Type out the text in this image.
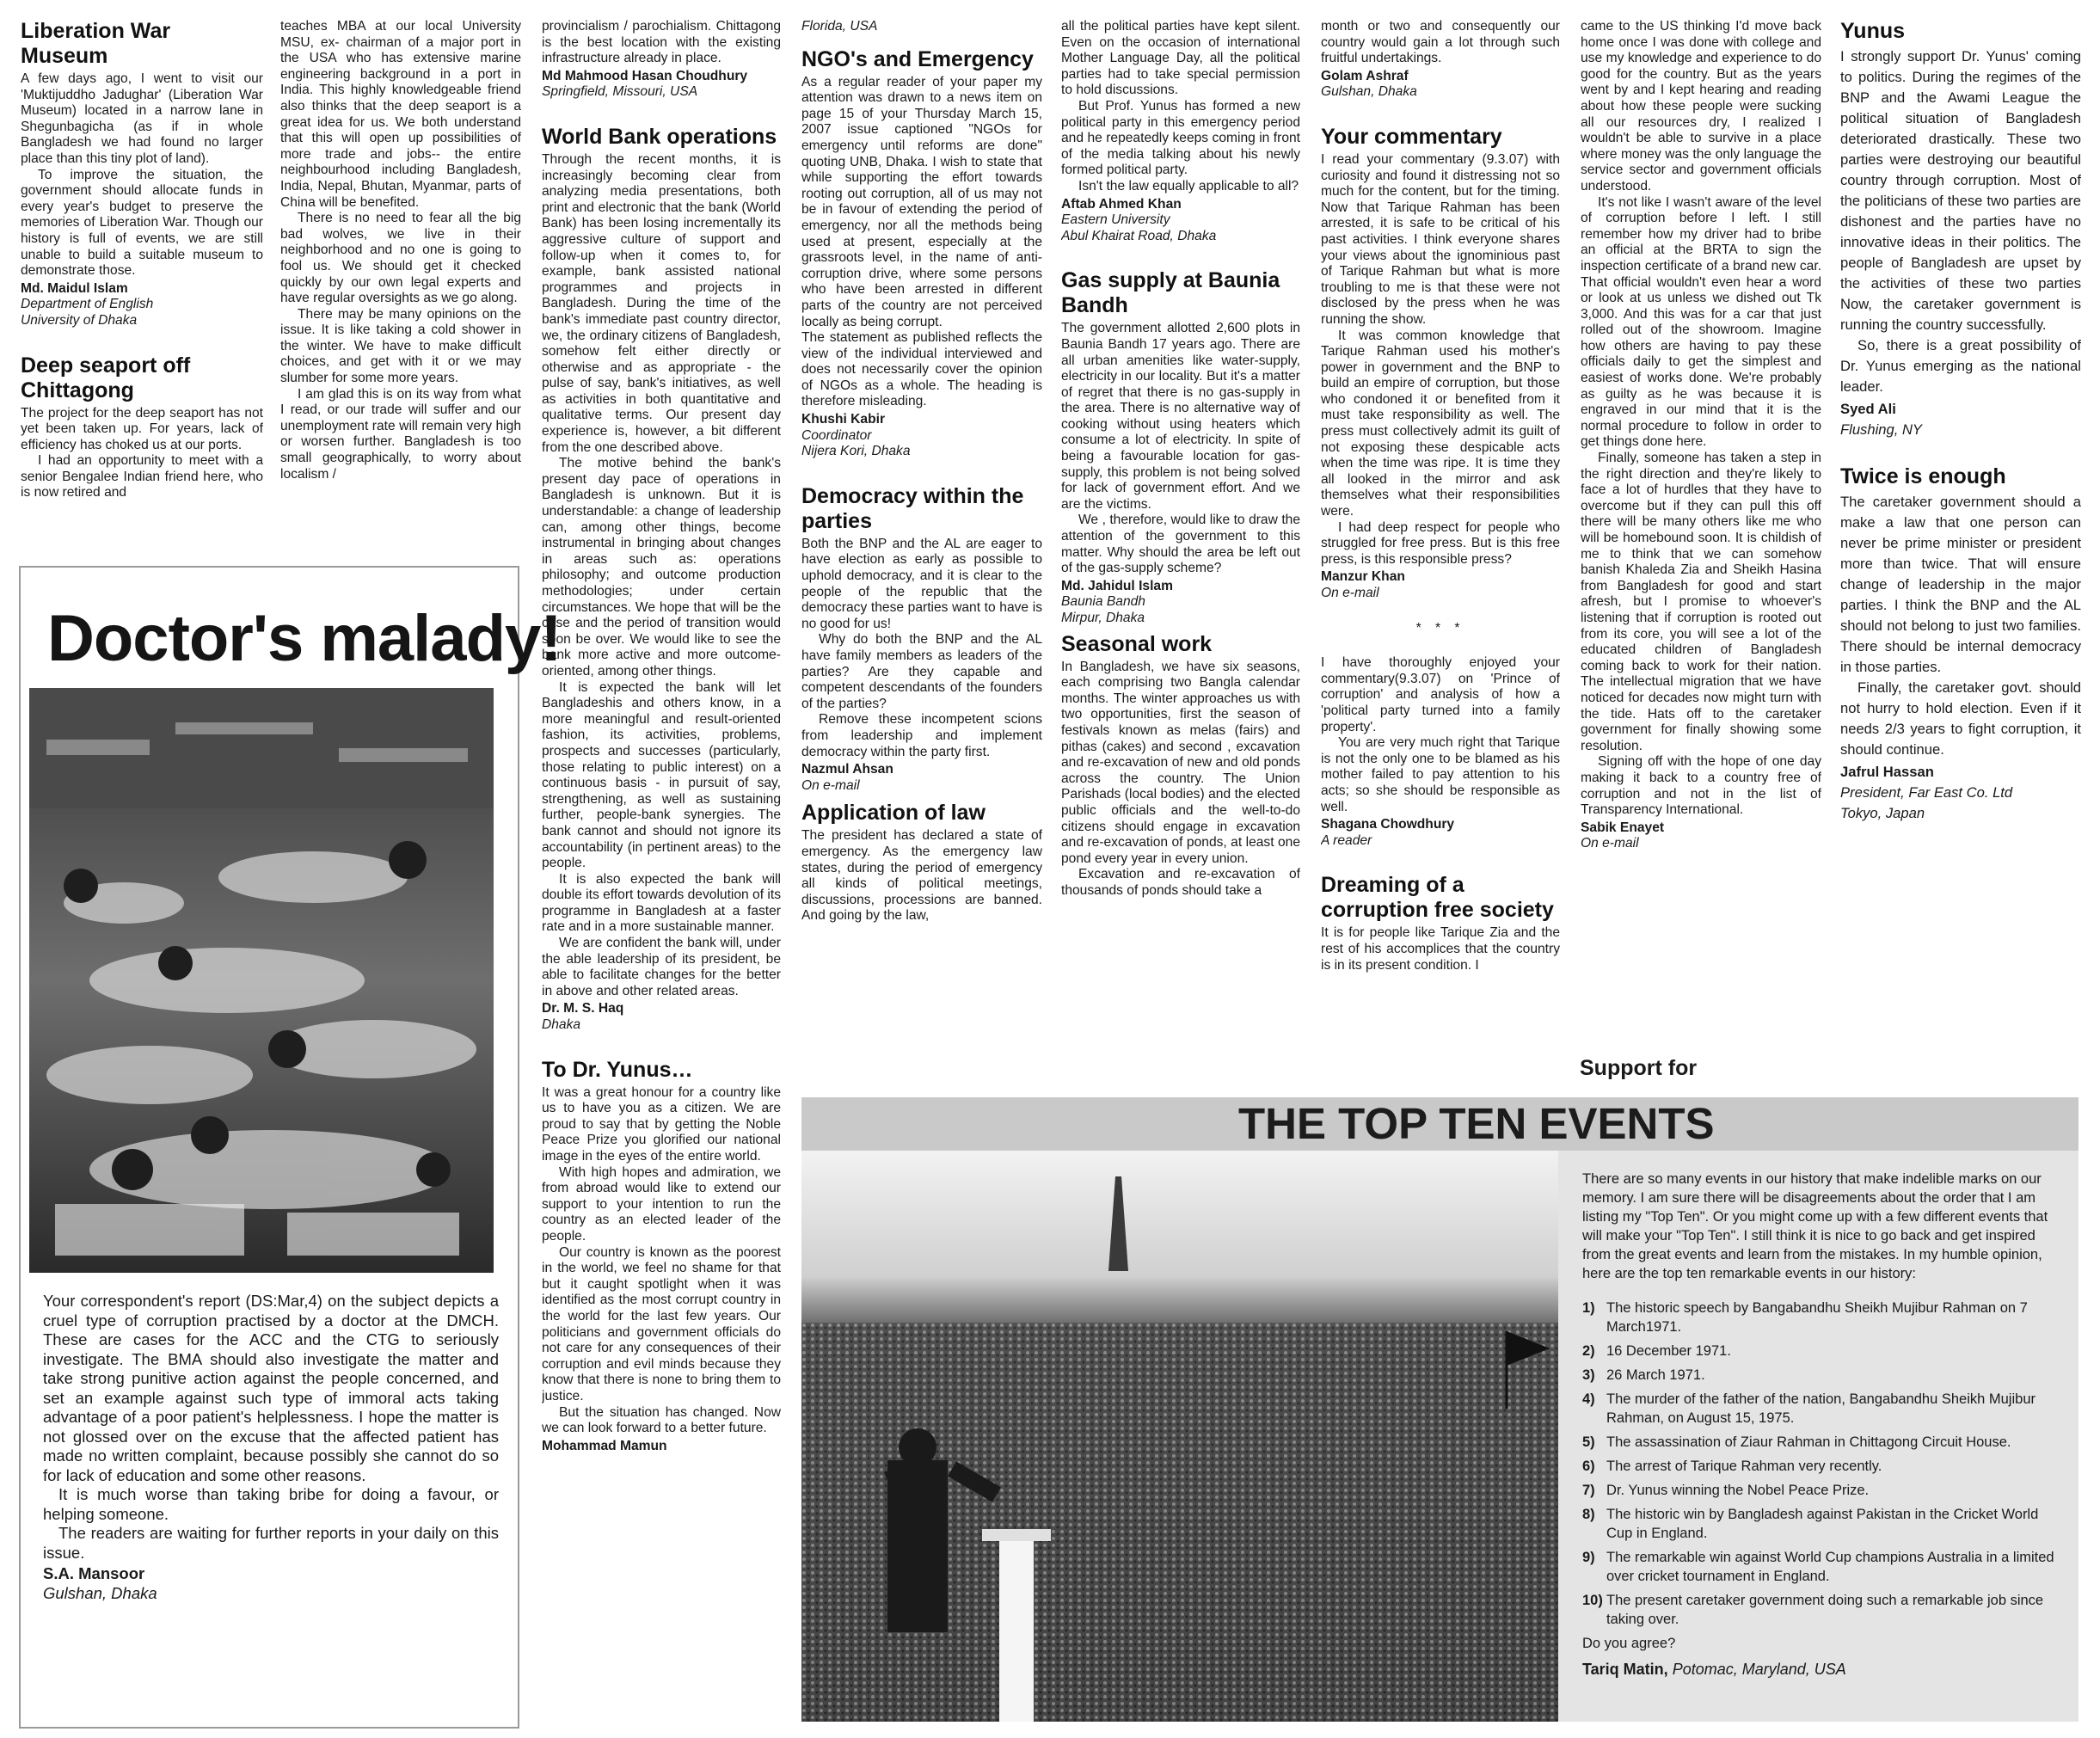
Liberation War Museum

A few days ago, I went to visit our 'Muktijuddho Jadughar' (Liberation War Museum) located in a narrow lane in Shegunbagicha (as if in whole Bangladesh we had found no larger place than this tiny plot of land).

To improve the situation, the government should allocate funds in every year's budget to preserve the memories of Liberation War. Though our history is full of events, we are still unable to build a suitable museum to demonstrate those.

Md. Maidul Islam

Department of English

University of Dhaka

Deep seaport off Chittagong

The project for the deep seaport has not yet been taken up. For years, lack of efficiency has choked us at our ports.

I had an opportunity to meet with a senior Bengalee Indian friend here, who is now retired and

teaches MBA at our local University MSU, ex- chairman of a major port in the USA who has extensive marine engineering background in a port in India. This highly knowledgeable friend also thinks that the deep seaport is a great idea for us. We both understand that this will open up possibilities of more trade and jobs-- the entire neighbourhood including Bangladesh, India, Nepal, Bhutan, Myanmar, parts of China will be benefited.

There is no need to fear all the big bad wolves, we live in their neighborhood and no one is going to fool us. We should get it checked quickly by our own legal experts and have regular oversights as we go along.

There may be many opinions on the issue. It is like taking a cold shower in the winter. We have to make difficult choices, and get with it or we may slumber for some more years.

I am glad this is on its way from what I read, or our trade will suffer and our unemployment rate will remain very high or worsen further. Bangladesh is too small geographically, to worry about localism /

provincialism / parochialism. Chittagong is the best location with the existing infrastructure already in place.

Md Mahmood Hasan Choudhury

Springfield, Missouri, USA

World Bank operations

Through the recent months, it is increasingly becoming clear from analyzing media presentations, both print and electronic that the bank (World Bank) has been losing incrementally its aggressive culture of support and follow-up when it comes to, for example, bank assisted national programmes and projects in Bangladesh. During the time of the bank's immediate past country director, we, the ordinary citizens of Bangladesh, somehow felt either directly or otherwise and as appropriate - the pulse of say, bank's initiatives, as well as activities in both quantitative and qualitative terms. Our present day experience is, however, a bit different from the one described above.

The motive behind the bank's present day pace of operations in Bangladesh is unknown. But it is understandable: a change of leadership can, among other things, become instrumental in bringing about changes in areas such as: operations philosophy; and outcome production methodologies; under certain circumstances. We hope that will be the case and the period of transition would soon be over. We would like to see the bank more active and more outcome-oriented, among other things.

It is expected the bank will let Bangladeshis and others know, in a more meaningful and result-oriented fashion, its activities, problems, prospects and successes (particularly, those relating to public interest) on a continuous basis - in pursuit of say, strengthening, as well as sustaining further, people-bank synergies. The bank cannot and should not ignore its accountability (in pertinent areas) to the people.

It is also expected the bank will double its effort towards devolution of its programme in Bangladesh at a faster rate and in a more sustainable manner.

We are confident the bank will, under the able leadership of its president, be able to facilitate changes for the better in above and other related areas.

Dr. M. S. Haq

Dhaka

To Dr. Yunus…

It was a great honour for a country like us to have you as a citizen. We are proud to say that by getting the Noble Peace Prize you glorified our national image in the eyes of the entire world.

With high hopes and admiration, we from abroad would like to extend our support to your intention to run the country as an elected leader of the people.

Our country is known as the poorest in the world, we feel no shame for that but it caught spotlight when it was identified as the most corrupt country in the world for the last few years. Our politicians and government officials do not care for any consequences of their corruption and evil minds because they know that there is none to bring them to justice.

But the situation has changed. Now we can look forward to a better future.

Mohammad Mamun

Florida, USA

NGO's and Emergency

As a regular reader of your paper my attention was drawn to a news item on page 15 of your Thursday March 15, 2007 issue captioned "NGOs for emergency until reforms are done" quoting UNB, Dhaka. I wish to state that while supporting the effort towards rooting out corruption, all of us may not be in favour of extending the period of emergency, nor all the methods being used at present, especially at the grassroots level, in the name of anti-corruption drive, where some persons who have been arrested in different parts of the country are not perceived locally as being corrupt.

The statement as published reflects the view of the individual interviewed and does not necessarily cover the opinion of NGOs as a whole. The heading is therefore misleading.

Khushi Kabir

Coordinator

Nijera Kori, Dhaka

Democracy within the parties

Both the BNP and the AL are eager to have election as early as possible to uphold democracy, and it is clear to the people of the republic that the democracy these parties want to have is no good for us!

Why do both the BNP and the AL have family members as leaders of the parties? Are they capable and competent descendants of the founders of the parties?

Remove these incompetent scions from leadership and implement democracy within the party first.

Nazmul Ahsan

On e-mail

Application of law

The president has declared a state of emergency. As the emergency law states, during the period of emergency all kinds of political meetings, discussions, processions are banned. And going by the law,

all the political parties have kept silent. Even on the occasion of international Mother Language Day, all the political parties had to take special permission to hold discussions.

But Prof. Yunus has formed a new political party in this emergency period and he repeatedly keeps coming in front of the media talking about his newly formed political party.

Isn't the law equally applicable to all?

Aftab Ahmed Khan

Eastern University

Abul Khairat Road, Dhaka

Gas supply at Baunia Bandh

The government allotted 2,600 plots in Baunia Bandh 17 years ago. There are all urban amenities like water-supply, electricity in our locality. But it's a matter of regret that there is no gas-supply in the area. There is no alternative way of cooking without using heaters which consume a lot of electricity. In spite of being a favourable location for gas-supply, this problem is not being solved for lack of government effort. And we are the victims.

We , therefore, would like to draw the attention of the government to this matter. Why should the area be left out of the gas-supply scheme?

Md. Jahidul Islam

Baunia Bandh

Mirpur, Dhaka

Seasonal work

In Bangladesh, we have six seasons, each comprising two Bangla calendar months. The winter approaches us with two opportunities, first the season of festivals known as melas (fairs) and pithas (cakes) and second , excavation and re-excavation of new and old ponds across the country. The Union Parishads (local bodies) and the elected public officials and the well-to-do citizens should engage in excavation and re-excavation of ponds, at least one pond every year in every union.

Excavation and re-excavation of thousands of ponds should take a

month or two and consequently our country would gain a lot through such fruitful undertakings.

Golam Ashraf

Gulshan, Dhaka

Your commentary

I read your commentary (9.3.07) with curiosity and found it distressing not so much for the content, but for the timing. Now that Tarique Rahman has been arrested, it is safe to be critical of his past activities. I think everyone shares your views about the ignominious past of Tarique Rahman but what is more troubling to me is that these were not disclosed by the press when he was running the show.

It was common knowledge that Tarique Rahman used his mother's power in government and the BNP to build an empire of corruption, but those who condoned it or benefited from it must take responsibility as well. The press must collectively admit its guilt of not exposing these despicable acts when the time was ripe. It is time they all looked in the mirror and ask themselves what their responsibilities were.

I had deep respect for people who struggled for free press. But is this free press, is this responsible press?

Manzur Khan

On e-mail

* * *

I have thoroughly enjoyed your commentary(9.3.07) on 'Prince of corruption' and analysis of how a 'political party turned into a family property'.

You are very much right that Tarique is not the only one to be blamed as his mother failed to pay attention to his acts; so she should be responsible as well.

Shagana Chowdhury

A reader

Dreaming of a corruption free society

It is for people like Tarique Zia and the rest of his accomplices that the country is in its present condition. I

came to the US thinking I'd move back home once I was done with college and use my knowledge and experience to do good for the country. But as the years went by and I kept hearing and reading about how these people were sucking all our resources dry, I realized I wouldn't be able to survive in a place where money was the only language the service sector and government officials understood.

It's not like I wasn't aware of the level of corruption before I left. I still remember how my driver had to bribe an official at the BRTA to sign the inspection certificate of a brand new car. That official wouldn't even hear a word or look at us unless we dished out Tk 3,000. And this was for a car that just rolled out of the showroom. Imagine how others are having to pay these officials daily to get the simplest and easiest of works done. We're probably as guilty as he was because it is engraved in our mind that it is the normal procedure to follow in order to get things done here.

Finally, someone has taken a step in the right direction and they're likely to face a lot of hurdles that they have to overcome but if they can pull this off there will be many others like me who will be homebound soon. It is childish of me to think that we can somehow banish Khaleda Zia and Sheikh Hasina from Bangladesh for good and start afresh, but I promise to whoever's listening that if corruption is rooted out from its core, you will see a lot of the educated children of Bangladesh coming back to work for their nation. The intellectual migration that we have noticed for decades now might turn with the tide. Hats off to the caretaker government for finally showing some resolution.

Signing off with the hope of one day making it back to a country free of corruption and not in the list of Transparency International.

Sabik Enayet

On e-mail

Support for
Yunus

I strongly support Dr. Yunus' coming to politics. During the regimes of the BNP and the Awami League the political situation of Bangladesh deteriorated drastically. These two parties were destroying our beautiful country through corruption. Most of the politicians of these two parties are dishonest and the parties have no innovative ideas in their politics. The people of Bangladesh are upset by the activities of these two parties Now, the caretaker government is running the country successfully.

So, there is a great possibility of Dr. Yunus emerging as the national leader.

Syed Ali

Flushing, NY

Twice is enough

The caretaker government should a make a law that one person can never be prime minister or president more than twice. That will ensure change of leadership in the major parties. I think the BNP and the AL should not belong to just two families. There should be internal democracy in those parties.

Finally, the caretaker govt. should not hurry to hold election. Even if it needs 2/3 years to fight corruption, it should continue.

Jafrul Hassan

President, Far East Co. Ltd

Tokyo, Japan

Doctor's malady!

Your correspondent's report (DS:Mar,4) on the subject depicts a cruel type of corruption practised by a doctor at the DMCH. These are cases for the ACC and the CTG to seriously investigate. The BMA should also investigate the matter and take strong punitive action against the people concerned, and set an example against such type of immoral acts taking advantage of a poor patient's helplessness. I hope the matter is not glossed over on the excuse that the affected patient has made no written complaint, because possibly she cannot do so for lack of education and some other reasons.

It is much worse than taking bribe for doing a favour, or helping someone.

The readers are waiting for further reports in your daily on this issue.

S.A. Mansoor

Gulshan, Dhaka

THE TOP TEN EVENTS

There are so many events in our history that make indelible marks on our memory. I am sure there will be disagreements about the order that I am listing my "Top Ten". Or you might come up with a few different events that will make your "Top Ten". I still think it is nice to go back and get inspired from the great events and learn from the mistakes. In my humble opinion, here are the top ten remarkable events in our history:

1) The historic speech by Bangabandhu Sheikh Mujibur Rahman on 7 March1971.
2) 16 December 1971.
3) 26 March 1971.
4) The murder of the father of the nation, Bangabandhu Sheikh Mujibur Rahman, on August 15, 1975.
5) The assassination of Ziaur Rahman in Chittagong Circuit House.
6) The arrest of Tarique Rahman very recently.
7) Dr. Yunus winning the Nobel Peace Prize.
8) The historic win by Bangladesh against Pakistan in the Cricket World Cup in England.
9) The remarkable win against World Cup champions Australia in a limited over cricket tournament in England.
10) The present caretaker government doing such a remarkable job since taking over.

Do you agree?

Tariq Matin, Potomac, Maryland, USA
